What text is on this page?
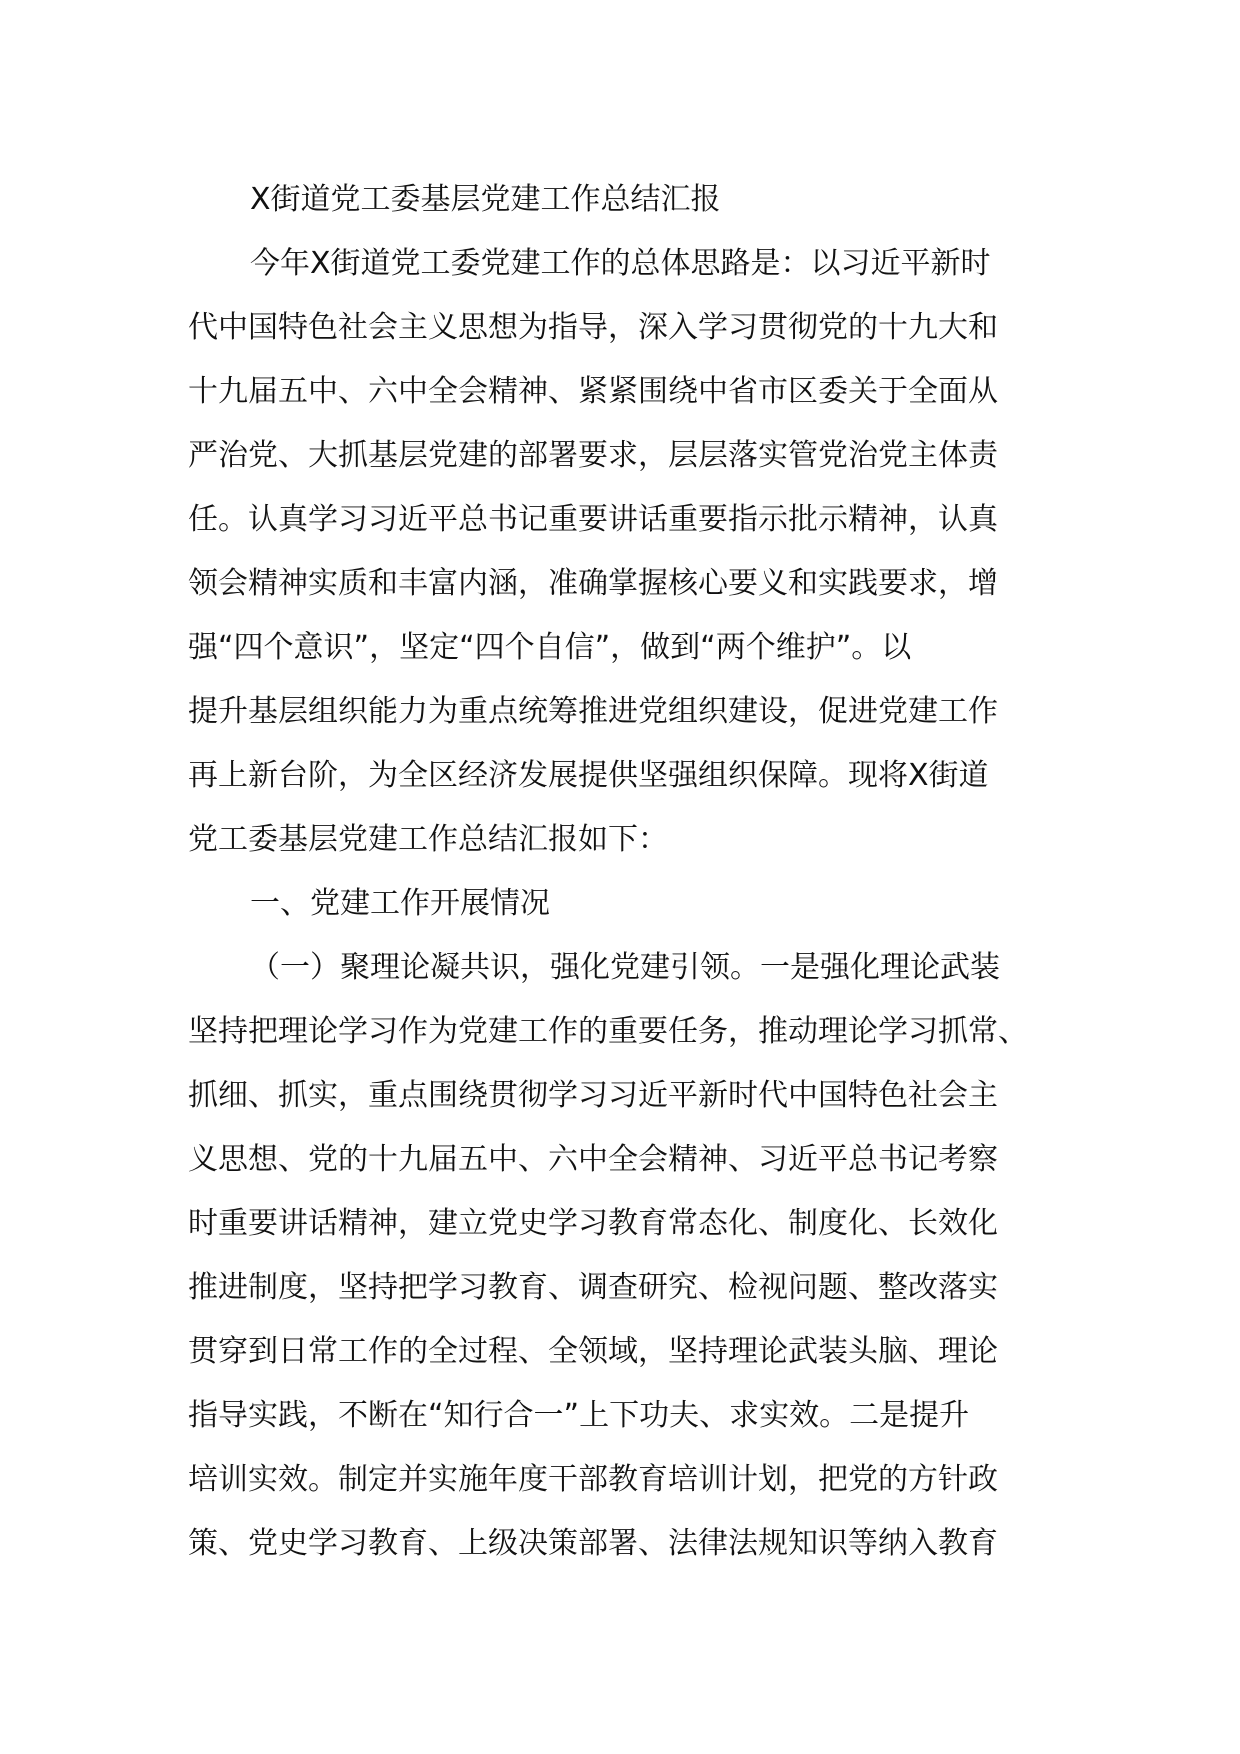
X街道党工委基层党建工作总结汇报
今年X街道党工委党建工作的总体思路是：以习近平新时
代中国特色社会主义思想为指导，深入学习贯彻党的十九大和
十九届五中、六中全会精神、紧紧围绕中省市区委关于全面从
严治党、大抓基层党建的部署要求，层层落实管党治党主体责
任。认真学习习近平总书记重要讲话重要指示批示精神，认真
领会精神实质和丰富内涵，准确掌握核心要义和实践要求，增
强“四个意识”，坚定“四个自信”，做到“两个维护”。以
提升基层组织能力为重点统筹推进党组织建设，促进党建工作
再上新台阶，为全区经济发展提供坚强组织保障。现将X街道
党工委基层党建工作总结汇报如下：
一、党建工作开展情况
（一）聚理论凝共识，强化党建引领。一是强化理论武装
坚持把理论学习作为党建工作的重要任务，推动理论学习抓常、
抓细、抓实，重点围绕贯彻学习习近平新时代中国特色社会主
义思想、党的十九届五中、六中全会精神、习近平总书记考察
时重要讲话精神，建立党史学习教育常态化、制度化、长效化
推进制度，坚持把学习教育、调查研究、检视问题、整改落实
贯穿到日常工作的全过程、全领域，坚持理论武装头脑、理论
指导实践，不断在“知行合一”上下功夫、求实效。二是提升
培训实效。制定并实施年度干部教育培训计划，把党的方针政
策、党史学习教育、上级决策部署、法律法规知识等纳入教育
